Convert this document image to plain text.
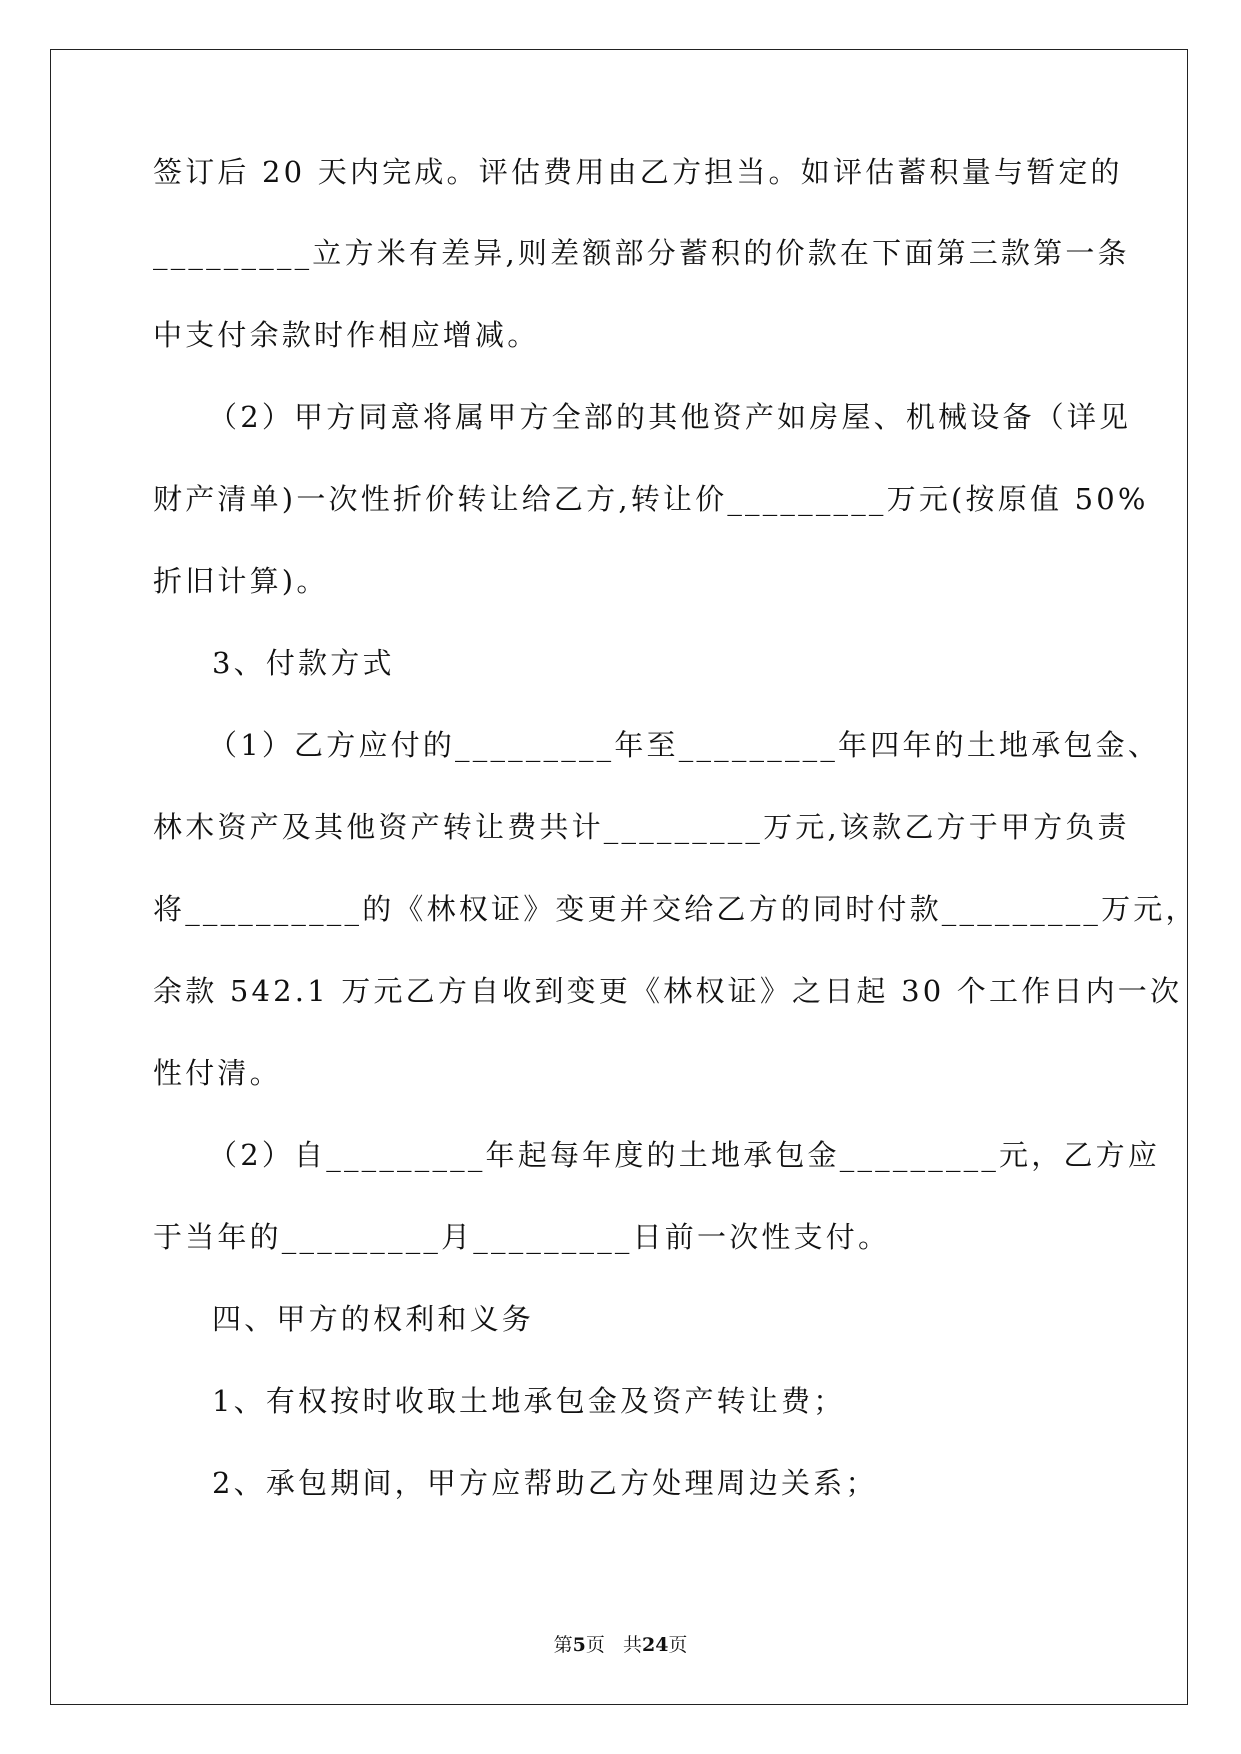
签订后 20 天内完成。评估费用由乙方担当。如评估蓄积量与暂定的

_________立方米有差异,则差额部分蓄积的价款在下面第三款第一条

中支付余款时作相应增减。

（2）甲方同意将属甲方全部的其他资产如房屋、机械设备（详见

财产清单)一次性折价转让给乙方,转让价_________万元(按原值 50%

折旧计算)。

3、付款方式

（1）乙方应付的_________年至_________年四年的土地承包金、

林木资产及其他资产转让费共计_________万元,该款乙方于甲方负责

将__________的《林权证》变更并交给乙方的同时付款_________万元，

余款 542.1 万元乙方自收到变更《林权证》之日起 30 个工作日内一次

性付清。

（2）自_________年起每年度的土地承包金_________元，乙方应

于当年的_________月_________日前一次性支付。

四、甲方的权利和义务

1、有权按时收取土地承包金及资产转让费；

2、承包期间，甲方应帮助乙方处理周边关系；

第5页 共24页
